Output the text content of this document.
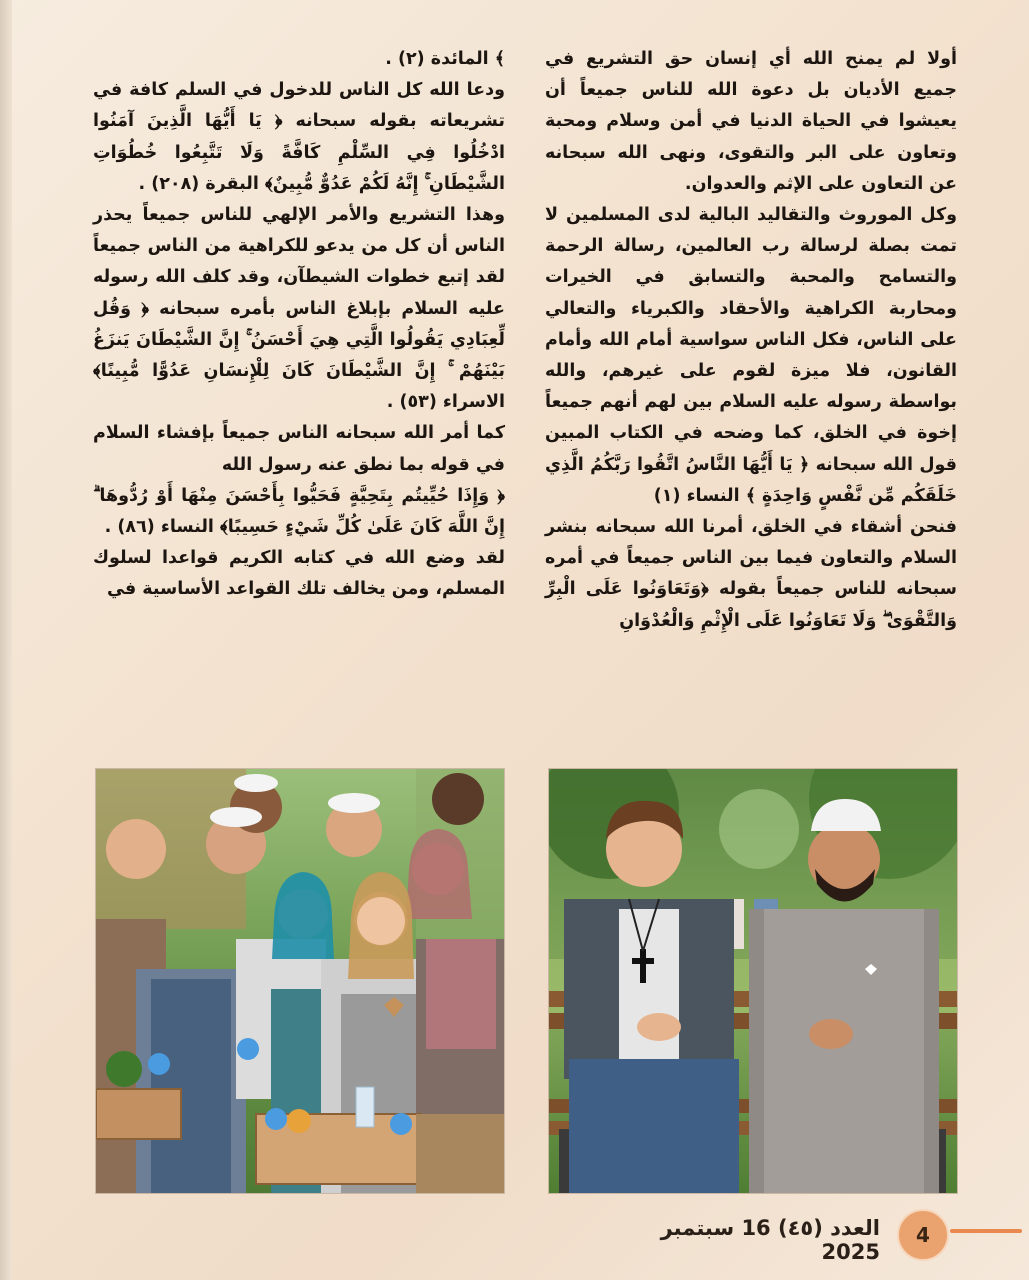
أولا لم يمنح الله أي إنسان حق التشريع في جميع الأديان بل دعوة الله للناس جميعاً أن يعيشوا في الحياة الدنيا في أمن وسلام ومحبة وتعاون على البر والتقوى، ونهى الله سبحانه عن التعاون على الإثم والعدوان.

وكل الموروث والتقاليد البالية لدى المسلمين لا تمت بصلة لرسالة رب العالمين، رسالة الرحمة والتسامح والمحبة والتسابق في الخيرات ومحاربة الكراهية والأحقاد والكبرياء والتعالي على الناس، فكل الناس سواسية أمام الله وأمام القانون، فلا ميزة لقوم على غيرهم، والله بواسطة رسوله عليه السلام بين لهم أنهم جميعاً إخوة في الخلق، كما وضحه في الكتاب المبين قول الله سبحانه ﴿ يَا أَيُّهَا النَّاسُ اتَّقُوا رَبَّكُمُ الَّذِي خَلَقَكُم مِّن نَّفْسٍ وَاحِدَةٍ ﴾ النساء (١)

فنحن أشقاء في الخلق، أمرنا الله سبحانه بنشر السلام والتعاون فيما بين الناس جميعاً في أمره سبحانه للناس جميعاً بقوله ﴿وَتَعَاوَنُوا عَلَى الْبِرِّ وَالتَّقْوَىٰ ۖ وَلَا تَعَاوَنُوا عَلَى الْإِثْمِ وَالْعُدْوَانِ

﴾ المائدة (٢) .

ودعا الله كل الناس للدخول في السلم كافة في تشريعاته بقوله سبحانه ﴿ يَا أَيُّهَا الَّذِينَ آمَنُوا ادْخُلُوا فِي السِّلْمِ كَافَّةً وَلَا تَتَّبِعُوا خُطُوَاتِ الشَّيْطَانِ ۚ إِنَّهُ لَكُمْ عَدُوٌّ مُّبِينٌ﴾ البقرة (٢٠٨) .

وهذا التشريع والأمر الإلهي للناس جميعاً يحذر الناس أن كل من يدعو للكراهية من الناس جميعاً لقد إتبع خطوات الشيطآن، وقد كلف الله رسوله عليه السلام بإبلاغ الناس بأمره سبحانه ﴿ وَقُل لِّعِبَادِي يَقُولُوا الَّتِي هِيَ أَحْسَنُ ۚ إِنَّ الشَّيْطَانَ يَنزَغُ بَيْنَهُمْ ۚ إِنَّ الشَّيْطَانَ كَانَ لِلْإِنسَانِ عَدُوًّا مُّبِينًا﴾ الاسراء (٥٣) .

كما أمر الله سبحانه الناس جميعاً بإفشاء السلام في قوله بما نطق عنه رسول الله

﴿ وَإِذَا حُيِّيتُم بِتَحِيَّةٍ فَحَيُّوا بِأَحْسَنَ مِنْهَا أَوْ رُدُّوهَا ۗ إِنَّ اللَّهَ كَانَ عَلَىٰ كُلِّ شَيْءٍ حَسِيبًا﴾ النساء (٨٦) .

لقد وضع الله في كتابه الكريم قواعدا لسلوك المسلم، ومن يخالف تلك القواعد الأساسية في

4
العدد (٤٥) 16 سبتمبر 2025
